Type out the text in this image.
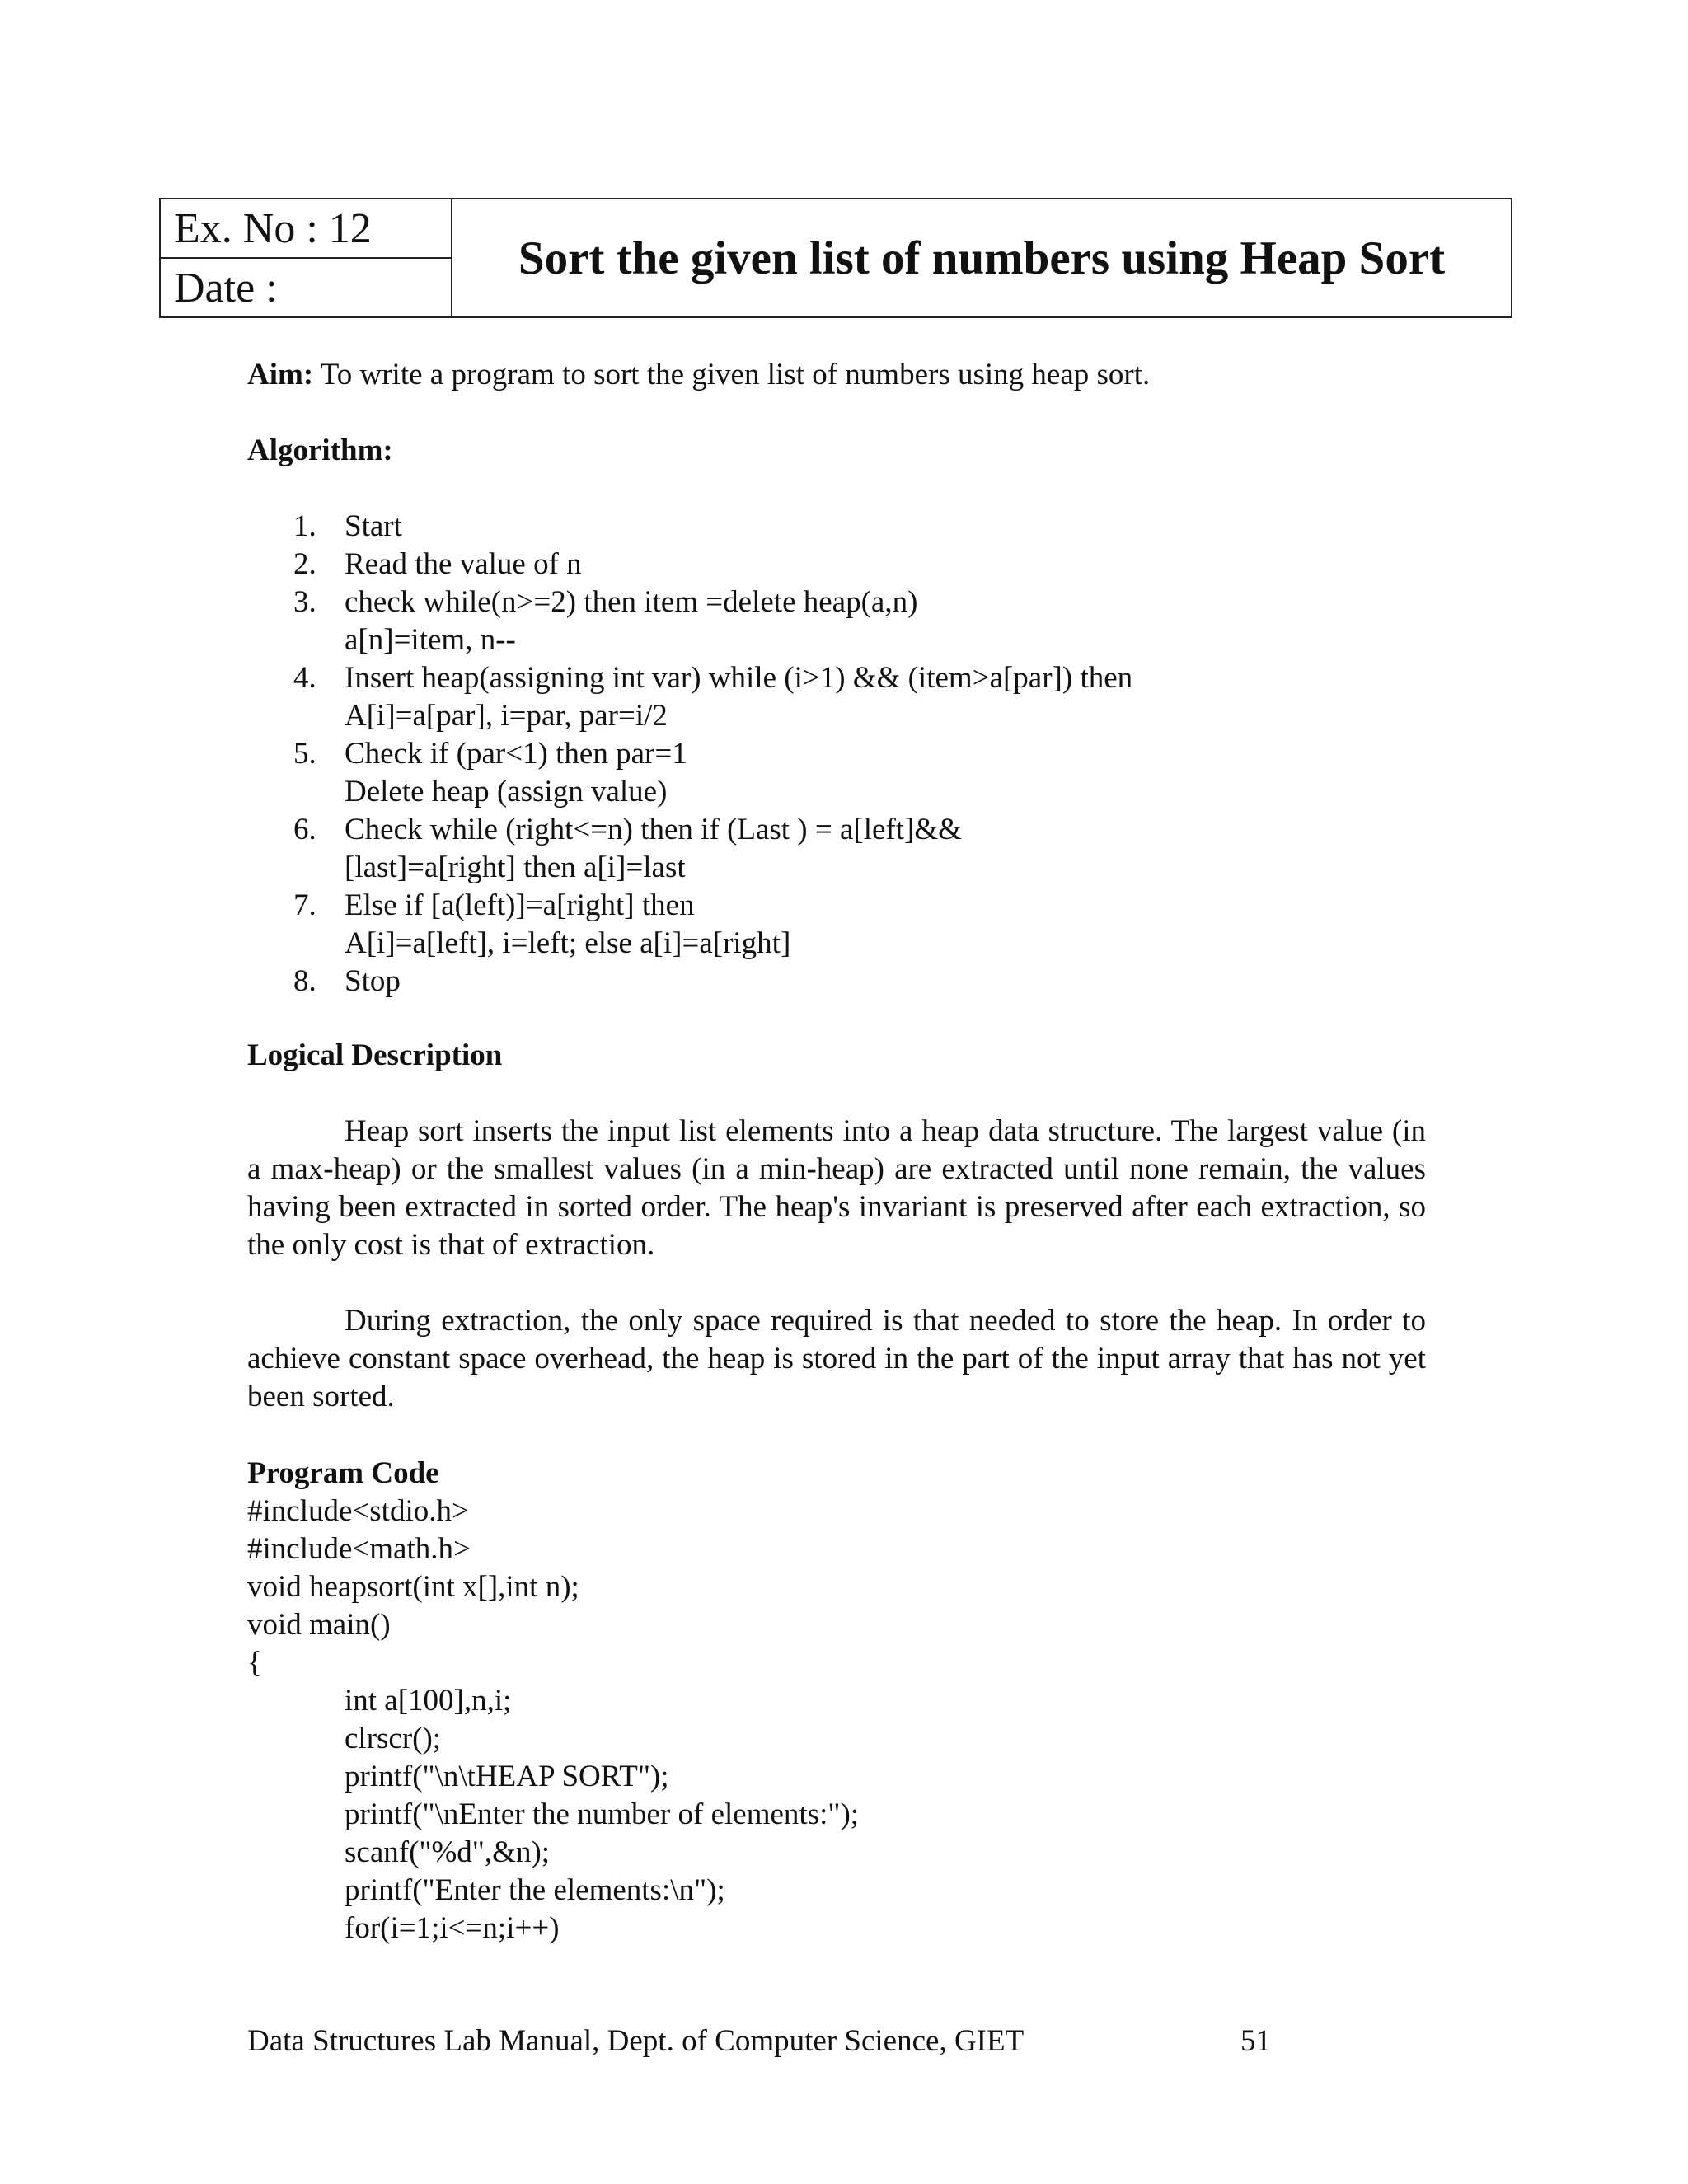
Ex. No : 12
Date :
Sort the given list of numbers using Heap Sort
Aim: To write a program to sort the given list of numbers using heap sort.
Algorithm:
1. Start
2. Read the value of n
3. check while(n>=2) then item =delete heap(a,n)
a[n]=item, n--
4. Insert heap(assigning int var) while (i>1) && (item>a[par]) then
A[i]=a[par], i=par, par=i/2
5. Check if (par<1) then par=1
Delete heap (assign value)
6. Check while (right<=n) then if (Last ) = a[left]&&
[last]=a[right] then a[i]=last
7. Else if [a(left)]=a[right] then
A[i]=a[left], i=left; else a[i]=a[right]
8. Stop
Logical Description

Heap sort inserts the input list elements into a heap data structure. The largest value (in a max-heap) or the smallest values (in a min-heap) are extracted until none remain, the values having been extracted in sorted order. The heap's invariant is preserved after each extraction, so the only cost is that of extraction.

During extraction, the only space required is that needed to store the heap. In order to achieve constant space overhead, the heap is stored in the part of the input array that has not yet been sorted.

Program Code
#include<stdio.h>
#include<math.h>
void heapsort(int x[],int n);
void main()
{
int a[100],n,i;
clrscr();
printf("\n\tHEAP SORT");
printf("\nEnter the number of elements:");
scanf("%d",&n);
printf("Enter the elements:\n");
for(i=1;i<=n;i++)
Data Structures Lab Manual, Dept. of Computer Science, GIET	51
